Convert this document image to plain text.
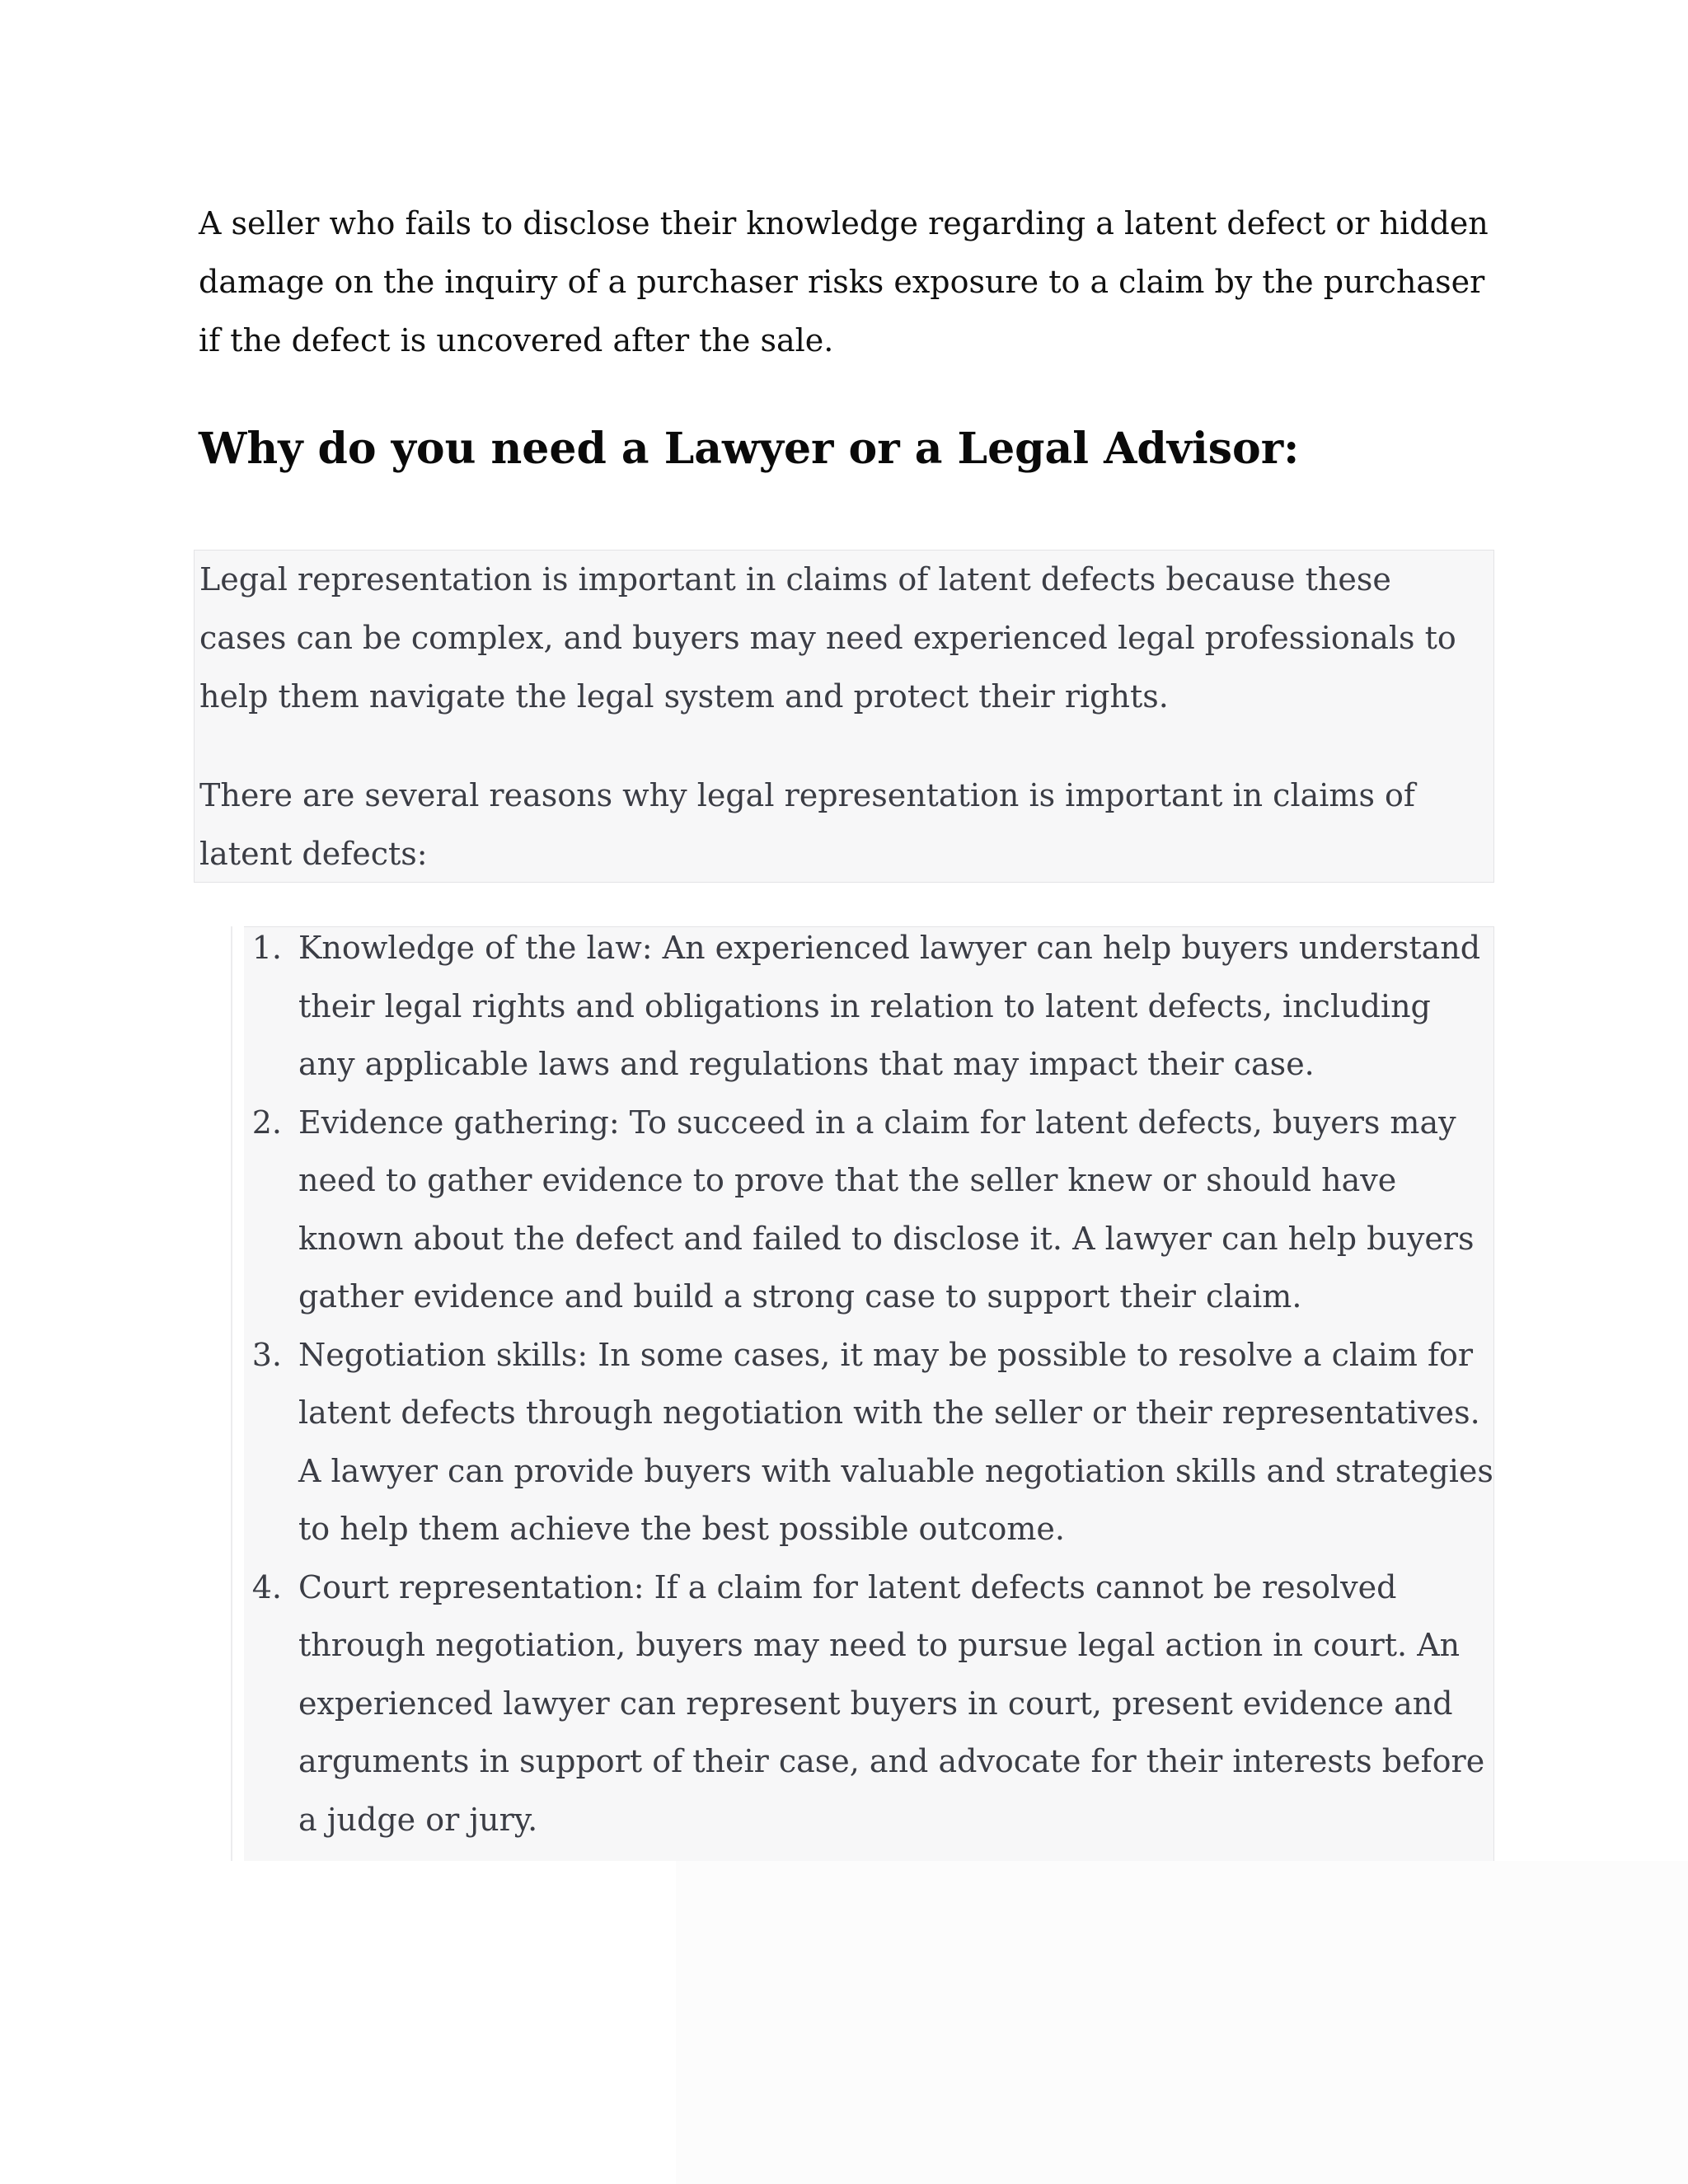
A seller who fails to disclose their knowledge regarding a latent defect or hidden damage on the inquiry of a purchaser risks exposure to a claim by the purchaser if the defect is uncovered after the sale.

Why do you need a Lawyer or a Legal Advisor:

Legal representation is important in claims of latent defects because these cases can be complex, and buyers may need experienced legal professionals to help them navigate the legal system and protect their rights.

There are several reasons why legal representation is important in claims of latent defects:

1. Knowledge of the law: An experienced lawyer can help buyers understand their legal rights and obligations in relation to latent defects, including any applicable laws and regulations that may impact their case.
2. Evidence gathering: To succeed in a claim for latent defects, buyers may need to gather evidence to prove that the seller knew or should have known about the defect and failed to disclose it. A lawyer can help buyers gather evidence and build a strong case to support their claim.
3. Negotiation skills: In some cases, it may be possible to resolve a claim for latent defects through negotiation with the seller or their representatives. A lawyer can provide buyers with valuable negotiation skills and strategies to help them achieve the best possible outcome.
4. Court representation: If a claim for latent defects cannot be resolved through negotiation, buyers may need to pursue legal action in court. An experienced lawyer can represent buyers in court, present evidence and arguments in support of their case, and advocate for their interests before a judge or jury.
